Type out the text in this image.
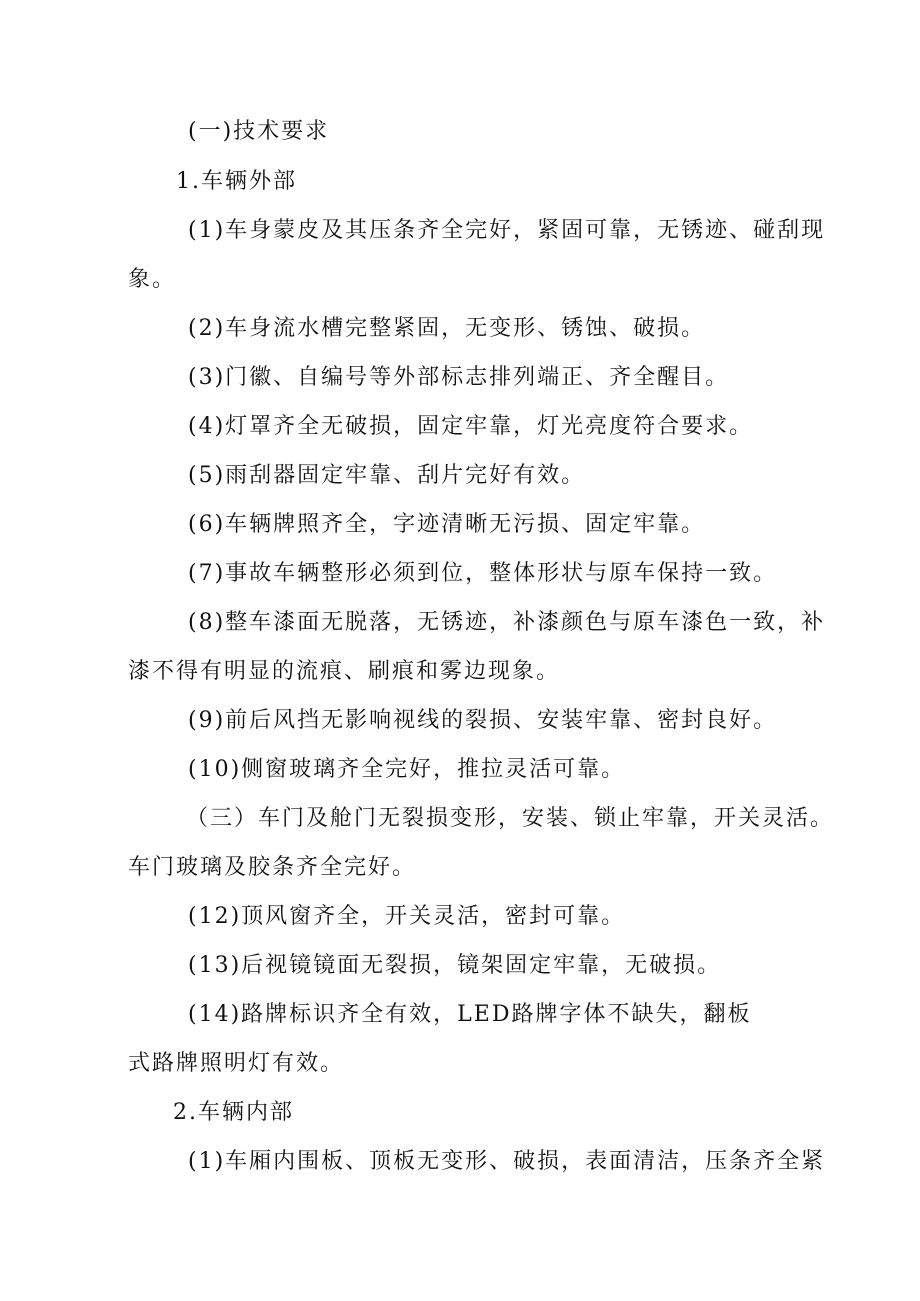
(一)技术要求
1.车辆外部
(1)车身蒙皮及其压条齐全完好，紧固可靠，无锈迹、碰刮现
象。
(2)车身流水槽完整紧固，无变形、锈蚀、破损。
(3)门徽、自编号等外部标志排列端正、齐全醒目。
(4)灯罩齐全无破损，固定牢靠，灯光亮度符合要求。
(5)雨刮器固定牢靠、刮片完好有效。
(6)车辆牌照齐全，字迹清晰无污损、固定牢靠。
(7)事故车辆整形必须到位，整体形状与原车保持一致。
(8)整车漆面无脱落，无锈迹，补漆颜色与原车漆色一致，补
漆不得有明显的流痕、刷痕和雾边现象。
(9)前后风挡无影响视线的裂损、安装牢靠、密封良好。
(10)侧窗玻璃齐全完好，推拉灵活可靠。
（三）车门及舱门无裂损变形，安装、锁止牢靠，开关灵活。
车门玻璃及胶条齐全完好。
(12)顶风窗齐全，开关灵活，密封可靠。
(13)后视镜镜面无裂损，镜架固定牢靠，无破损。
(14)路牌标识齐全有效，LED路牌字体不缺失，翻板
式路牌照明灯有效。
2.车辆内部
(1)车厢内围板、顶板无变形、破损，表面清洁，压条齐全紧
